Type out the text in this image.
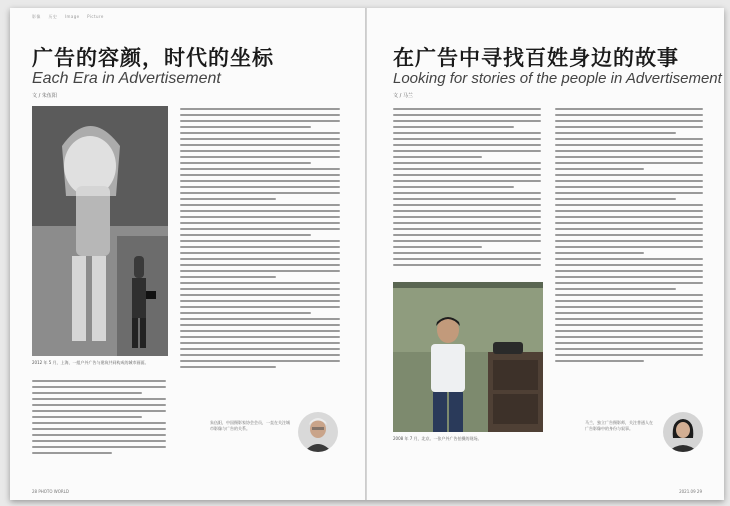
影像 历史 Image Picture
广告的容颜，时代的坐标
Each Era in Advertisement
文 / 朱伍阳
2012 年 5 月，上海，一组户外广告与建筑共同构成的城市画面。
朱伍阳，中国摄影家协会会员，一直在关注城市影像与广告的关系。
28 PHOTO WORLD
在广告中寻找百姓身边的故事
Looking for stories of the people in Advertisement
文 / 马兰
2008 年 7 月，北京。一张户外广告拍摄的现场。
马兰，独立广告摄影师，关注普通人在广告影像中的身份与叙事。
2021.09 29
